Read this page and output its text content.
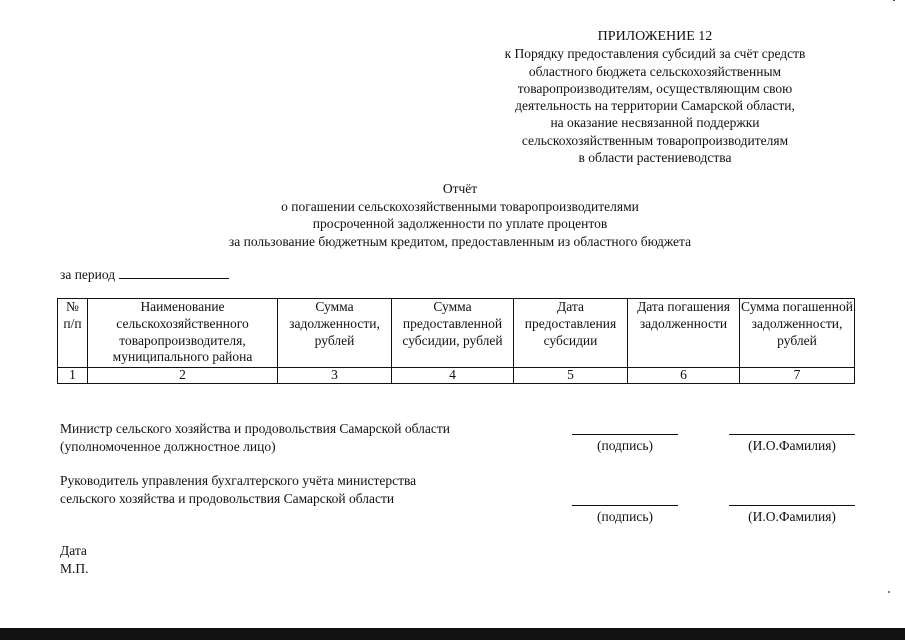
ПРИЛОЖЕНИЕ 12
к Порядку предоставления субсидий за счёт средств
областного бюджета сельскохозяйственным
товаропроизводителям, осуществляющим свою
деятельность на территории Самарской области,
на оказание несвязанной поддержки
сельскохозяйственным товаропроизводителям
в области растениеводства
Отчёт
о погашении сельскохозяйственными товаропроизводителями
просроченной задолженности по уплате процентов
за пользование бюджетным кредитом, предоставленным из областного бюджета
за период
№ п/п	Наименование сельскохозяйственного товаропроизводителя, муниципального района	Сумма задолженности, рублей	Сумма предоставленной субсидии, рублей	Дата предоставления субсидии	Дата погашения задолженности	Сумма погашенной задолженности, рублей
1	2	3	4	5	6	7
Министр сельского хозяйства и продовольствия Самарской области
(уполномоченное должностное лицо)	(подпись)	(И.О.Фамилия)
Руководитель управления бухгалтерского учёта министерства
сельского хозяйства и продовольствия Самарской области
(подпись)	(И.О.Фамилия)
Дата
М.П.
